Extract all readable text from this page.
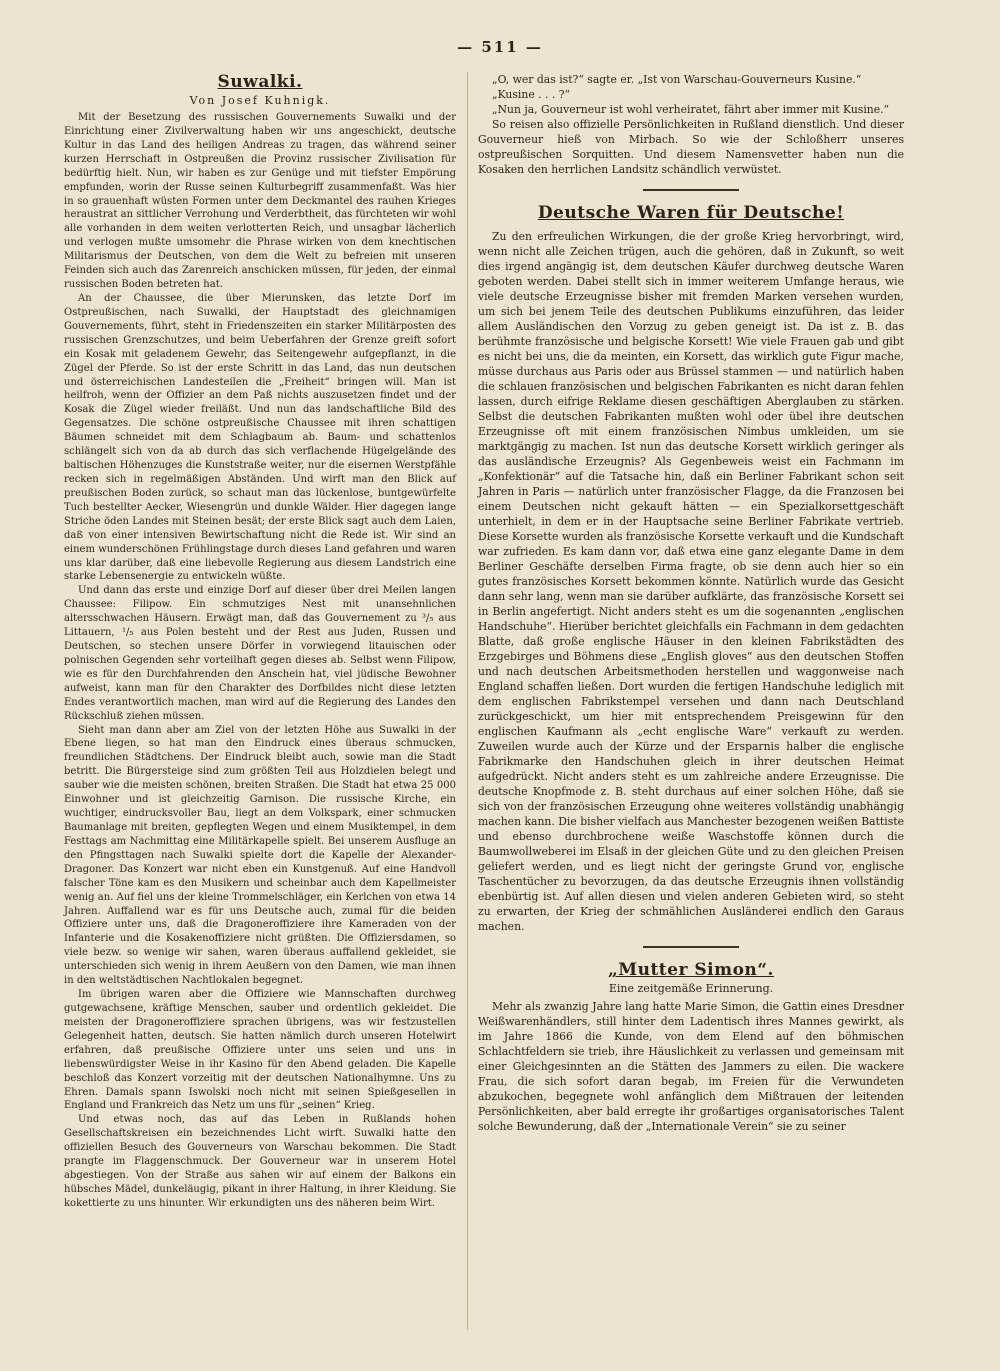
— 511 —
Suwalki.
Von Josef Kuhnigk.

Mit der Besetzung des russischen Gouvernements Suwalki und der Einrichtung einer Zivilverwaltung haben wir uns angeschickt, deutsche Kultur in das Land des heiligen Andreas zu tragen, das während seiner kurzen Herrschaft in Ostpreußen die Provinz russischer Zivilisation für bedürftig hielt. Nun, wir haben es zur Genüge und mit tiefster Empörung empfunden, worin der Russe seinen Kulturbegriff zusammenfaßt. Was hier in so grauenhaft wüsten Formen unter dem Deckmantel des rauhen Krieges heraustrat an sittlicher Verrohung und Verderbtheit, das fürchteten wir wohl alle vorhanden in dem weiten verlotterten Reich, und unsagbar lächerlich und verlogen mußte umsomehr die Phrase wirken von dem knechtischen Militarismus der Deutschen, von dem die Welt zu befreien mit unseren Feinden sich auch das Zarenreich anschicken müssen, für jeden, der einmal russischen Boden betreten hat.

An der Chaussee, die über Mierunsken, das letzte Dorf im Ostpreußischen, nach Suwalki, der Hauptstadt des gleichnamigen Gouvernements, führt, steht in Friedenszeiten ein starker Militärposten des russischen Grenzschutzes, und beim Ueberfahren der Grenze greift sofort ein Kosak mit geladenem Gewehr, das Seitengewehr aufgepflanzt, in die Zügel der Pferde. So ist der erste Schritt in das Land, das nun deutschen und österreichischen Landesteilen die „Freiheit“ bringen will. Man ist heilfroh, wenn der Offizier an dem Paß nichts auszusetzen findet und der Kosak die Zügel wieder freiläßt. Und nun das landschaftliche Bild des Gegensatzes. Die schöne ostpreußische Chaussee mit ihren schattigen Bäumen schneidet mit dem Schlagbaum ab. Baum- und schattenlos schlängelt sich von da ab durch das sich verflachende Hügelgelände des baltischen Höhenzuges die Kunststraße weiter, nur die eisernen Werstpfähle recken sich in regelmäßigen Abständen. Und wirft man den Blick auf preußischen Boden zurück, so schaut man das lückenlose, buntgewürfelte Tuch bestellter Aecker, Wiesengrün und dunkle Wälder. Hier dagegen lange Striche öden Landes mit Steinen besät; der erste Blick sagt auch dem Laien, daß von einer intensiven Bewirtschaftung nicht die Rede ist. Wir sind an einem wunderschönen Frühlingstage durch dieses Land gefahren und waren uns klar darüber, daß eine liebevolle Regierung aus diesem Landstrich eine starke Lebensenergie zu entwickeln wüßte.

Und dann das erste und einzige Dorf auf dieser über drei Meilen langen Chaussee: Filipow. Ein schmutziges Nest mit unansehnlichen altersschwachen Häusern. Erwägt man, daß das Gouvernement zu ³/₅ aus Littauern, ¹/₅ aus Polen besteht und der Rest aus Juden, Russen und Deutschen, so stechen unsere Dörfer in vorwiegend litauischen oder polnischen Gegenden sehr vorteilhaft gegen dieses ab. Selbst wenn Filipow, wie es für den Durchfahrenden den Anschein hat, viel jüdische Bewohner aufweist, kann man für den Charakter des Dorfbildes nicht diese letzten Endes verantwortlich machen, man wird auf die Regierung des Landes den Rückschluß ziehen müssen.

Sieht man dann aber am Ziel von der letzten Höhe aus Suwalki in der Ebene liegen, so hat man den Eindruck eines überaus schmucken, freundlichen Städtchens. Der Eindruck bleibt auch, sowie man die Stadt betritt. Die Bürgersteige sind zum größten Teil aus Holzdielen belegt und sauber wie die meisten schönen, breiten Straßen. Die Stadt hat etwa 25 000 Einwohner und ist gleichzeitig Garnison. Die russische Kirche, ein wuchtiger, eindrucksvoller Bau, liegt an dem Volkspark, einer schmucken Baumanlage mit breiten, gepflegten Wegen und einem Musiktempel, in dem Festtags am Nachmittag eine Militärkapelle spielt. Bei unserem Ausfluge an den Pfingsttagen nach Suwalki spielte dort die Kapelle der Alexander-Dragoner. Das Konzert war nicht eben ein Kunstgenuß. Auf eine Handvoll falscher Töne kam es den Musikern und scheinbar auch dem Kapellmeister wenig an. Auf fiel uns der kleine Trommelschläger, ein Kerlchen von etwa 14 Jahren. Auffallend war es für uns Deutsche auch, zumal für die beiden Offiziere unter uns, daß die Dragoneroffiziere ihre Kameraden von der Infanterie und die Kosakenoffiziere nicht grüßten. Die Offiziersdamen, so viele bezw. so wenige wir sahen, waren überaus auffallend gekleidet, sie unterschieden sich wenig in ihrem Aeußern von den Damen, wie man ihnen in den weltstädtischen Nachtlokalen begegnet.

Im übrigen waren aber die Offiziere wie Mannschaften durchweg gutgewachsene, kräftige Menschen, sauber und ordentlich gekleidet. Die meisten der Dragoneroffiziere sprachen übrigens, was wir festzustellen Gelegenheit hatten, deutsch. Sie hatten nämlich durch unseren Hotelwirt erfahren, daß preußische Offiziere unter uns seien und uns in liebenswürdigster Weise in ihr Kasino für den Abend geladen. Die Kapelle beschloß das Konzert vorzeitig mit der deutschen Nationalhymne. Uns zu Ehren. Damals spann Iswolski noch nicht mit seinen Spießgesellen in England und Frankreich das Netz um uns für „seinen“ Krieg.

Und etwas noch, das auf das Leben in Rußlands hohen Gesellschaftskreisen ein bezeichnendes Licht wirft. Suwalki hatte den offiziellen Besuch des Gouverneurs von Warschau bekommen. Die Stadt prangte im Flaggenschmuck. Der Gouverneur war in unserem Hotel abgestiegen. Von der Straße aus sahen wir auf einem der Balkons ein hübsches Mädel, dunkeläugig, pikant in ihrer Haltung, in ihrer Kleidung. Sie kokettierte zu uns hinunter. Wir erkundigten uns des näheren beim Wirt.

„O, wer das ist?“ sagte er. „Ist von Warschau-Gouverneurs Kusine.“

„Kusine . . . ?“

„Nun ja, Gouverneur ist wohl verheiratet, fährt aber immer mit Kusine.“

So reisen also offizielle Persönlichkeiten in Rußland dienstlich. Und dieser Gouverneur hieß von Mirbach. So wie der Schloßherr unseres ostpreußischen Sorquitten. Und diesem Namensvetter haben nun die Kosaken den herrlichen Landsitz schändlich verwüstet.

Deutsche Waren für Deutsche!

Zu den erfreulichen Wirkungen, die der große Krieg hervorbringt, wird, wenn nicht alle Zeichen trügen, auch die gehören, daß in Zukunft, so weit dies irgend angängig ist, dem deutschen Käufer durchweg deutsche Waren geboten werden. Dabei stellt sich in immer weiterem Umfange heraus, wie viele deutsche Erzeugnisse bisher mit fremden Marken versehen wurden, um sich bei jenem Teile des deutschen Publikums einzuführen, das leider allem Ausländischen den Vorzug zu geben geneigt ist. Da ist z. B. das berühmte französische und belgische Korsett! Wie viele Frauen gab und gibt es nicht bei uns, die da meinten, ein Korsett, das wirklich gute Figur mache, müsse durchaus aus Paris oder aus Brüssel stammen — und natürlich haben die schlauen französischen und belgischen Fabrikanten es nicht daran fehlen lassen, durch eifrige Reklame diesen geschäftigen Aberglauben zu stärken. Selbst die deutschen Fabrikanten mußten wohl oder übel ihre deutschen Erzeugnisse oft mit einem französischen Nimbus umkleiden, um sie marktgängig zu machen. Ist nun das deutsche Korsett wirklich geringer als das ausländische Erzeugnis? Als Gegenbeweis weist ein Fachmann im „Konfektionär“ auf die Tatsache hin, daß ein Berliner Fabrikant schon seit Jahren in Paris — natürlich unter französischer Flagge, da die Franzosen bei einem Deutschen nicht gekauft hätten — ein Spezialkorsettgeschäft unterhielt, in dem er in der Hauptsache seine Berliner Fabrikate vertrieb. Diese Korsette wurden als französische Korsette verkauft und die Kundschaft war zufrieden. Es kam dann vor, daß etwa eine ganz elegante Dame in dem Berliner Geschäfte derselben Firma fragte, ob sie denn auch hier so ein gutes französisches Korsett bekommen könnte. Natürlich wurde das Gesicht dann sehr lang, wenn man sie darüber aufklärte, das französische Korsett sei in Berlin angefertigt. Nicht anders steht es um die sogenannten „englischen Handschuhe“. Hierüber berichtet gleichfalls ein Fachmann in dem gedachten Blatte, daß große englische Häuser in den kleinen Fabrikstädten des Erzgebirges und Böhmens diese „English gloves“ aus den deutschen Stoffen und nach deutschen Arbeitsmethoden herstellen und waggonweise nach England schaffen ließen. Dort wurden die fertigen Handschuhe lediglich mit dem englischen Fabrikstempel versehen und dann nach Deutschland zurückgeschickt, um hier mit entsprechendem Preisgewinn für den englischen Kaufmann als „echt englische Ware“ verkauft zu werden. Zuweilen wurde auch der Kürze und der Ersparnis halber die englische Fabrikmarke den Handschuhen gleich in ihrer deutschen Heimat aufgedrückt. Nicht anders steht es um zahlreiche andere Erzeugnisse. Die deutsche Knopfmode z. B. steht durchaus auf einer solchen Höhe, daß sie sich von der französischen Erzeugung ohne weiteres vollständig unabhängig machen kann. Die bisher vielfach aus Manchester bezogenen weißen Battiste und ebenso durchbrochene weiße Waschstoffe können durch die Baumwollweberei im Elsaß in der gleichen Güte und zu den gleichen Preisen geliefert werden, und es liegt nicht der geringste Grund vor, englische Taschentücher zu bevorzugen, da das deutsche Erzeugnis ihnen vollständig ebenbürtig ist. Auf allen diesen und vielen anderen Gebieten wird, so steht zu erwarten, der Krieg der schmählichen Ausländerei endlich den Garaus machen.

„Mutter Simon“.
Eine zeitgemäße Erinnerung.

Mehr als zwanzig Jahre lang hatte Marie Simon, die Gattin eines Dresdner Weißwarenhändlers, still hinter dem Ladentisch ihres Mannes gewirkt, als im Jahre 1866 die Kunde, von dem Elend auf den böhmischen Schlachtfeldern sie trieb, ihre Häuslichkeit zu verlassen und gemeinsam mit einer Gleichgesinnten an die Stätten des Jammers zu eilen. Die wackere Frau, die sich sofort daran begab, im Freien für die Verwundeten abzukochen, begegnete wohl anfänglich dem Mißtrauen der leitenden Persönlichkeiten, aber bald erregte ihr großartiges organisatorisches Talent solche Bewunderung, daß der „Internationale Verein“ sie zu seiner
